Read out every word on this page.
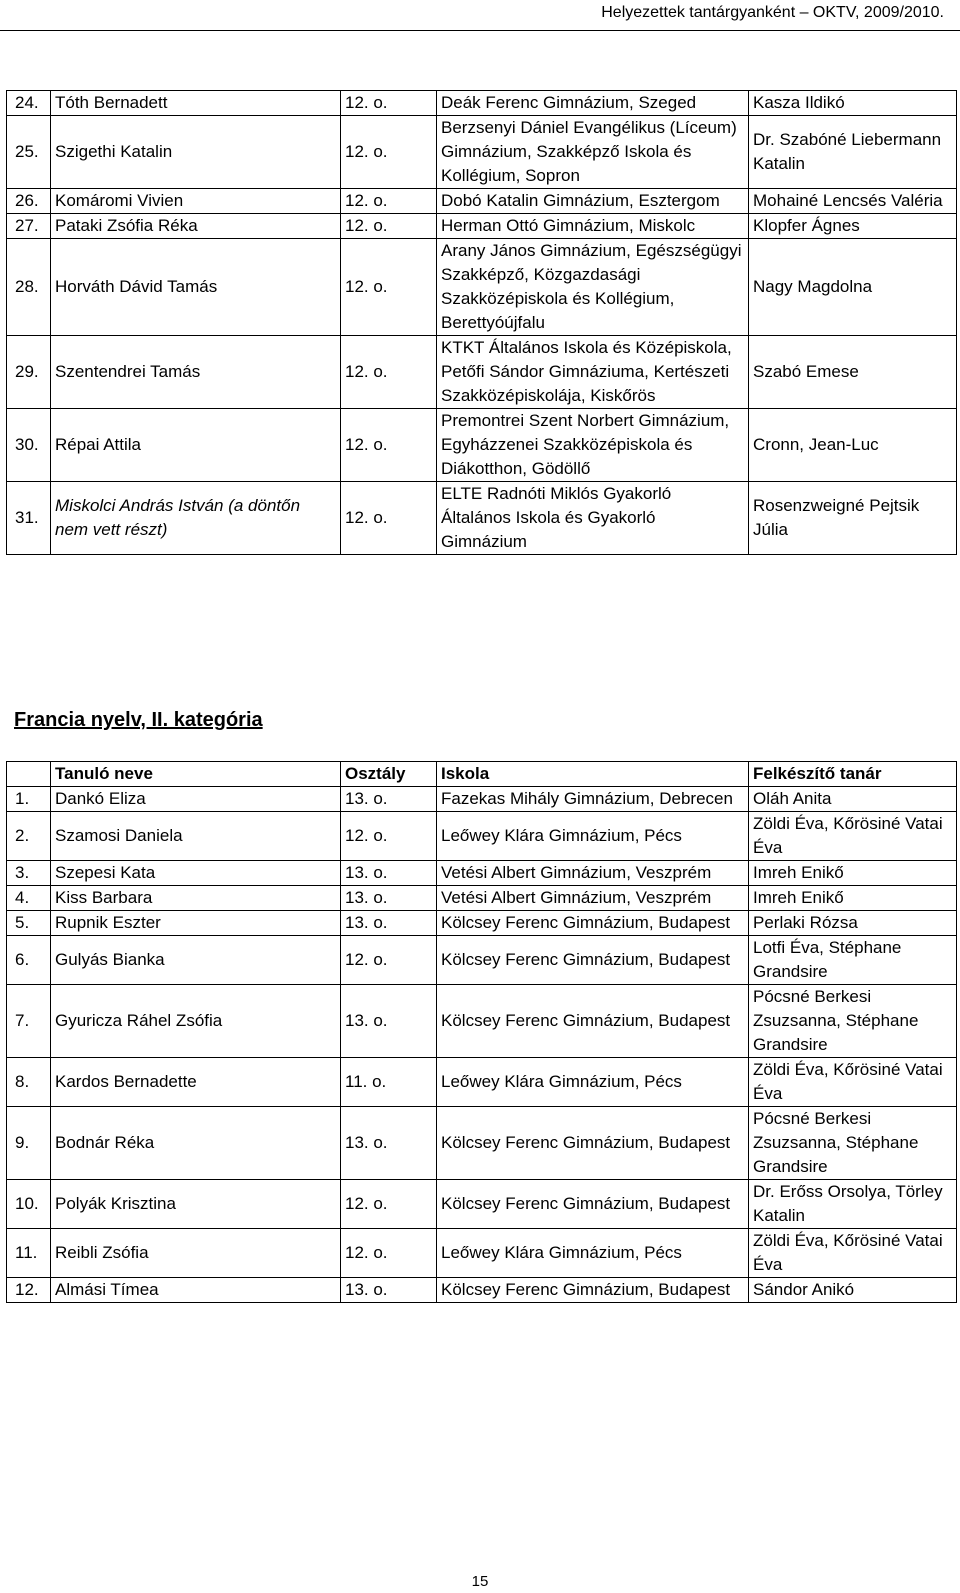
Helyezettek tantárgyanként – OKTV, 2009/2010.
24.	Tóth Bernadett	12. o.	Deák Ferenc Gimnázium, Szeged	Kasza Ildikó
25.	Szigethi Katalin	12. o.	Berzsenyi Dániel Evangélikus (Líceum) Gimnázium, Szakképző Iskola és Kollégium, Sopron	Dr. Szabóné Liebermann Katalin
26.	Komáromi Vivien	12. o.	Dobó Katalin Gimnázium, Esztergom	Mohainé Lencsés Valéria
27.	Pataki Zsófia Réka	12. o.	Herman Ottó Gimnázium, Miskolc	Klopfer Ágnes
28.	Horváth Dávid Tamás	12. o.	Arany János Gimnázium, Egészségügyi Szakképző, Közgazdasági Szakközépiskola és Kollégium, Berettyóújfalu	Nagy Magdolna
29.	Szentendrei Tamás	12. o.	KTKT Általános Iskola és Középiskola, Petőfi Sándor Gimnáziuma, Kertészeti Szakközépiskolája, Kiskőrös	Szabó Emese
30.	Répai Attila	12. o.	Premontrei Szent Norbert Gimnázium, Egyházzenei Szakközépiskola és Diákotthon, Gödöllő	Cronn, Jean-Luc
31.	Miskolci András István (a döntőn nem vett részt)	12. o.	ELTE Radnóti Miklós Gyakorló Általános Iskola és Gyakorló Gimnázium	Rosenzweigné Pejtsik Júlia
Francia nyelv, II. kategória
	Tanuló neve	Osztály	Iskola	Felkészítő tanár
1.	Dankó Eliza	13. o.	Fazekas Mihály Gimnázium, Debrecen	Oláh Anita
2.	Szamosi Daniela	12. o.	Leőwey Klára Gimnázium, Pécs	Zöldi Éva, Kőrösiné Vatai Éva
3.	Szepesi Kata	13. o.	Vetési Albert Gimnázium, Veszprém	Imreh Enikő
4.	Kiss Barbara	13. o.	Vetési Albert Gimnázium, Veszprém	Imreh Enikő
5.	Rupnik Eszter	13. o.	Kölcsey Ferenc Gimnázium, Budapest	Perlaki Rózsa
6.	Gulyás Bianka	12. o.	Kölcsey Ferenc Gimnázium, Budapest	Lotfi Éva, Stéphane Grandsire
7.	Gyuricza Ráhel Zsófia	13. o.	Kölcsey Ferenc Gimnázium, Budapest	Pócsné Berkesi Zsuzsanna, Stéphane Grandsire
8.	Kardos Bernadette	11. o.	Leőwey Klára Gimnázium, Pécs	Zöldi Éva, Kőrösiné Vatai Éva
9.	Bodnár Réka	13. o.	Kölcsey Ferenc Gimnázium, Budapest	Pócsné Berkesi Zsuzsanna, Stéphane Grandsire
10.	Polyák Krisztina	12. o.	Kölcsey Ferenc Gimnázium, Budapest	Dr. Erőss Orsolya, Törley Katalin
11.	Reibli Zsófia	12. o.	Leőwey Klára Gimnázium, Pécs	Zöldi Éva, Kőrösiné Vatai Éva
12.	Almási Tímea	13. o.	Kölcsey Ferenc Gimnázium, Budapest	Sándor Anikó
15
